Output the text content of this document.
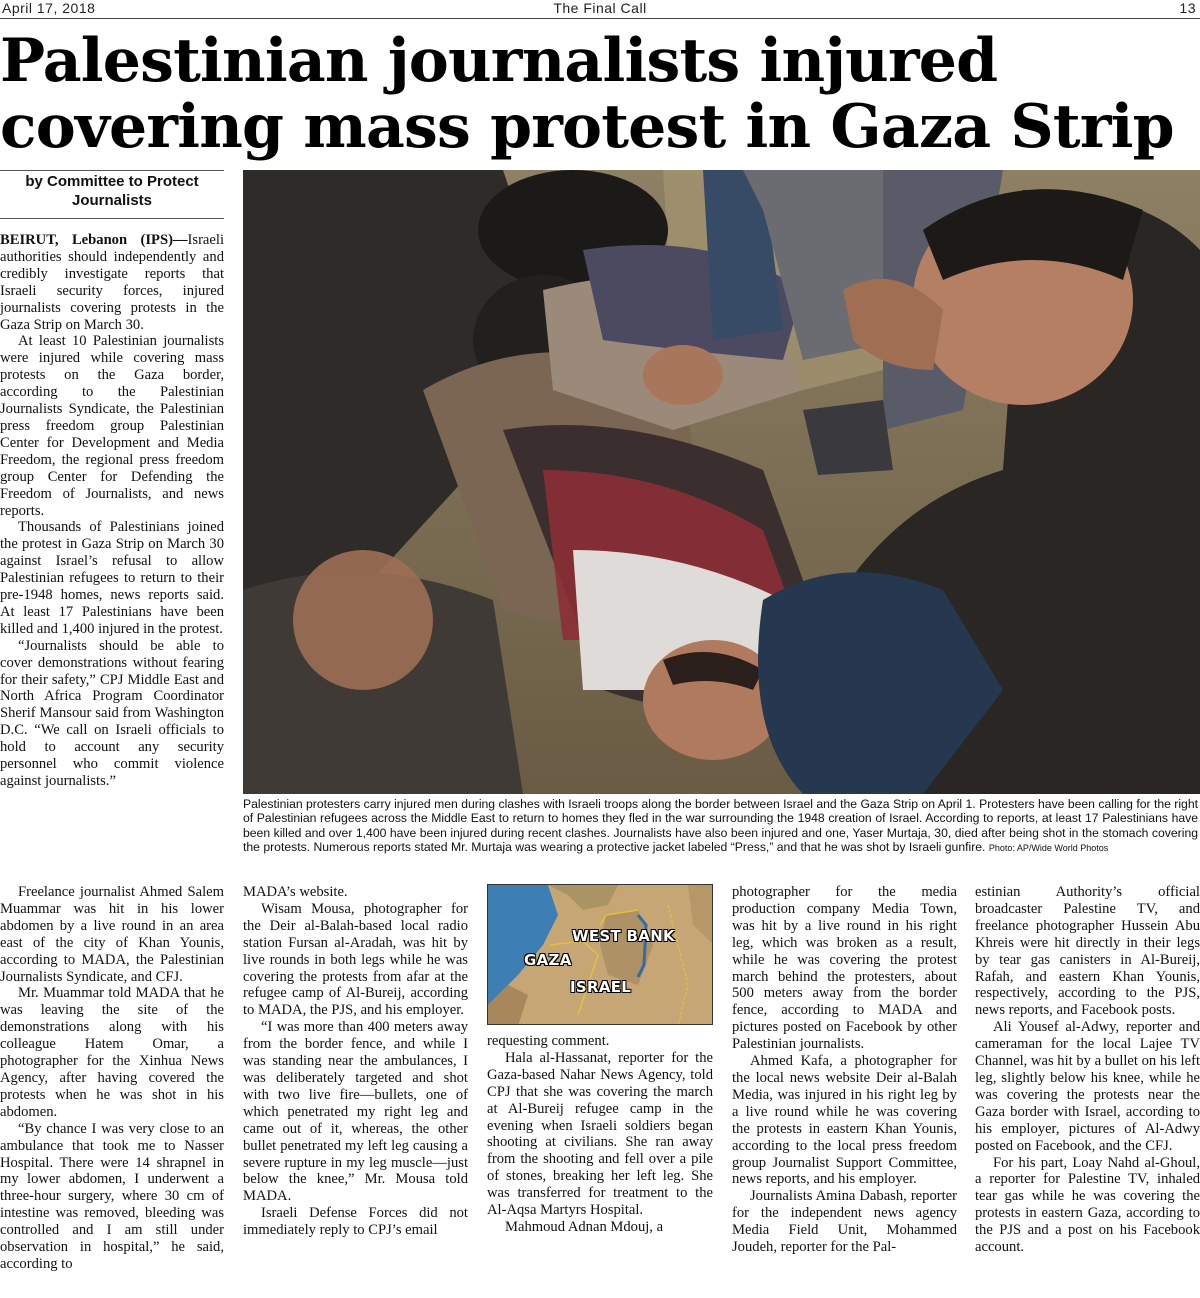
April 17, 2018	The Final Call	13
Palestinian journalists injured
covering mass protest in Gaza Strip
by Committee to Protect Journalists

BEIRUT, Lebanon (IPS)—Israeli authorities should independently and credibly investigate reports that Israeli security forces, injured journalists covering protests in the Gaza Strip on March 30.

At least 10 Palestinian journalists were injured while covering mass protests on the Gaza border, according to the Palestinian Journalists Syndicate, the Palestinian press freedom group Palestinian Center for Development and Media Freedom, the regional press freedom group Center for Defending the Freedom of Journalists, and news reports.

Thousands of Palestinians joined the protest in Gaza Strip on March 30 against Israel’s refusal to allow Palestinian refugees to return to their pre-1948 homes, news reports said. At least 17 Palestinians have been killed and 1,400 injured in the protest.

“Journalists should be able to cover demonstrations without fearing for their safety,” CPJ Middle East and North Africa Program Coordinator Sherif Mansour said from Washington D.C. “We call on Israeli officials to hold to account any security personnel who commit violence against journalists.”

Freelance journalist Ahmed Salem Muammar was hit in his lower abdomen by a live round in an area east of the city of Khan Younis, according to MADA, the Palestinian Journalists Syndicate, and CFJ.

Mr. Muammar told MADA that he was leaving the site of the demonstrations along with his colleague Hatem Omar, a photographer for the Xinhua News Agency, after having covered the protests when he was shot in his abdomen.

“By chance I was very close to an ambulance that took me to Nasser Hospital. There were 14 shrapnel in my lower abdomen, I underwent a three-hour surgery, where 30 cm of intestine was removed, bleeding was controlled and I am still under observation in hospital,” he said, according to

Palestinian protesters carry injured men during clashes with Israeli troops along the border between Israel and the Gaza Strip on April 1. Protesters have been calling for the right of Palestinian refugees across the Middle East to return to homes they fled in the war surrounding the 1948 creation of Israel. According to reports, at least 17 Palestinians have been killed and over 1,400 have been injured during recent clashes. Journalists have also been injured and one, Yaser Murtaja, 30, died after being shot in the stomach covering the protests. Numerous reports stated Mr. Murtaja was wearing a protective jacket labeled “Press,” and that he was shot by Israeli gunfire. Photo: AP/Wide World Photos

MADA’s website.

Wisam Mousa, photographer for the Deir al-Balah-based local radio station Fursan al-Aradah, was hit by live rounds in both legs while he was covering the protests from afar at the refugee camp of Al-Bureij, according to MADA, the PJS, and his employer.

“I was more than 400 meters away from the border fence, and while I was standing near the ambulances, I was deliberately targeted and shot with two live fire—bullets, one of which penetrated my right leg and came out of it, whereas, the other bullet penetrated my left leg causing a severe rupture in my leg muscle—just below the knee,” Mr. Mousa told MADA.

Israeli Defense Forces did not immediately reply to CPJ’s email

WEST BANK
GAZA
ISRAEL

requesting comment.

Hala al-Hassanat, reporter for the Gaza-based Nahar News Agency, told CPJ that she was covering the march at Al-Bureij refugee camp in the evening when Israeli soldiers began shooting at civilians. She ran away from the shooting and fell over a pile of stones, breaking her left leg. She was transferred for treatment to the Al-Aqsa Martyrs Hospital.

Mahmoud Adnan Mdouj, a

photographer for the media production company Media Town, was hit by a live round in his right leg, which was broken as a result, while he was covering the protest march behind the protesters, about 500 meters away from the border fence, according to MADA and pictures posted on Facebook by other Palestinian journalists.

Ahmed Kafa, a photographer for the local news website Deir al-Balah Media, was injured in his right leg by a live round while he was covering the protests in eastern Khan Younis, according to the local press freedom group Journalist Support Committee, news reports, and his employer.

Journalists Amina Dabash, reporter for the independent news agency Media Field Unit, Mohammed Joudeh, reporter for the Pal-

estinian Authority’s official broadcaster Palestine TV, and freelance photographer Hussein Abu Khreis were hit directly in their legs by tear gas canisters in Al-Bureij, Rafah, and eastern Khan Younis, respectively, according to the PJS, news reports, and Facebook posts.

Ali Yousef al-Adwy, reporter and cameraman for the local Lajee TV Channel, was hit by a bullet on his left leg, slightly below his knee, while he was covering the protests near the Gaza border with Israel, according to his employer, pictures of Al-Adwy posted on Facebook, and the CFJ.

For his part, Loay Nahd al-Ghoul, a reporter for Palestine TV, inhaled tear gas while he was covering the protests in eastern Gaza, according to the PJS and a post on his Facebook account.
